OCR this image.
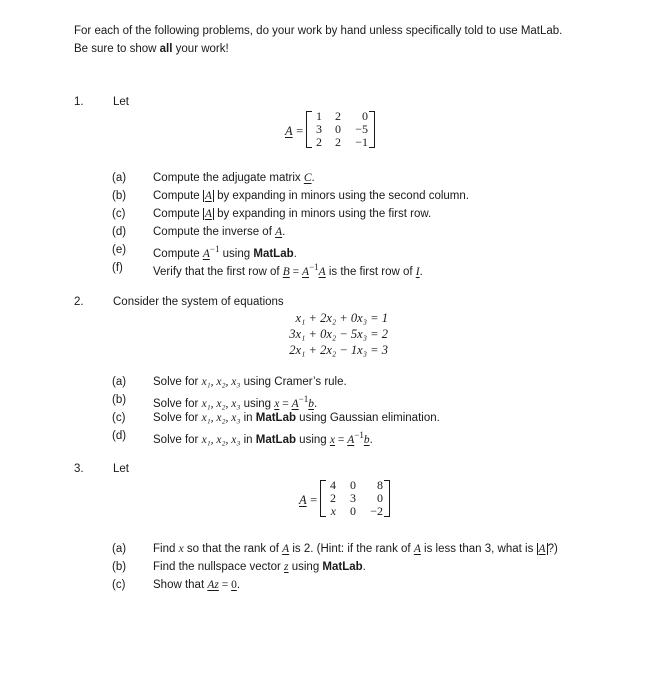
For each of the following problems, do your work by hand unless specifically told to use MatLab.
Be sure to show all your work!
1.	Let
A =
1	2	0
3	0	−5
2	2	−1
(a) Compute the adjugate matrix C.
(b) Compute A by expanding in minors using the second column.
(c) Compute A by expanding in minors using the first row.
(d) Compute the inverse of A.
(e) Compute $A^{-1}$ using MatLab.
(f)	Verify that the first row of $B = A^{-1}A$ is the first row of I.
2.	Consider the system of equations
x₁ + 2x₂ + 0x₃ = 1
3x₁ + 0x₂ − 5x₃ = 2
2x₁ + 2x₂ − 1x₃ = 3
(a) Solve for x₁, x₂, x₃ using Cramer’s rule.
(b) Solve for x₁, x₂, x₃ using $x = A^{-1}b$.
(c) Solve for x₁, x₂, x₃ in MatLab using Gaussian elimination.
(d) Solve for x₁, x₂, x₃ in MatLab using $x = A^{-1}b$.
3.	Let
A =
4	0	8
2	3	0
x	0	−2
(a) Find x so that the rank of A is 2. (Hint: if the rank of A is less than 3, what is A ?)
(b) Find the nullspace vector z using MatLab.
(c) Show that Az = 0.
